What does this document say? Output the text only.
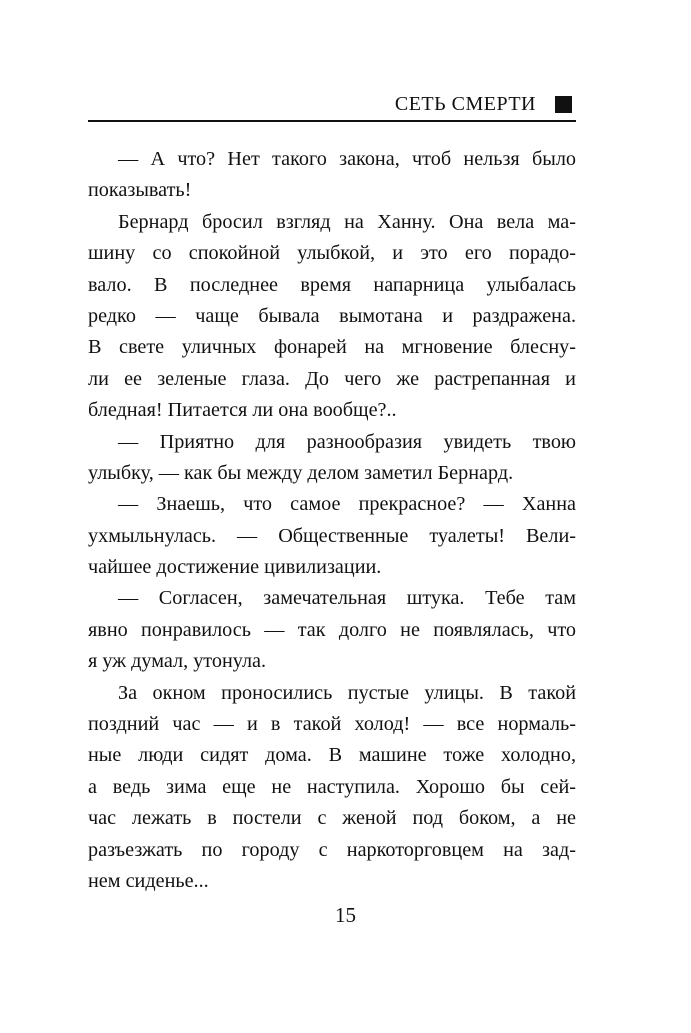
СЕТЬ СМЕРТИ
— А что? Нет такого закона, чтоб нельзя было
показывать!
Бернард бросил взгляд на Ханну. Она вела ма-
шину со спокойной улыбкой, и это его порадо-
вало. В последнее время напарница улыбалась
редко — чаще бывала вымотана и раздражена.
В свете уличных фонарей на мгновение блесну-
ли ее зеленые глаза. До чего же растрепанная и
бледная! Питается ли она вообще?..
— Приятно для разнообразия увидеть твою
улыбку, — как бы между делом заметил Бернард.
— Знаешь, что самое прекрасное? — Ханна
ухмыльнулась. — Общественные туалеты! Вели-
чайшее достижение цивилизации.
— Согласен, замечательная штука. Тебе там
явно понравилось — так долго не появлялась, что
я уж думал, утонула.
За окном проносились пустые улицы. В такой
поздний час — и в такой холод! — все нормаль-
ные люди сидят дома. В машине тоже холодно,
а ведь зима еще не наступила. Хорошо бы сей-
час лежать в постели с женой под боком, а не
разъезжать по городу с наркоторговцем на зад-
нем сиденье...
15
